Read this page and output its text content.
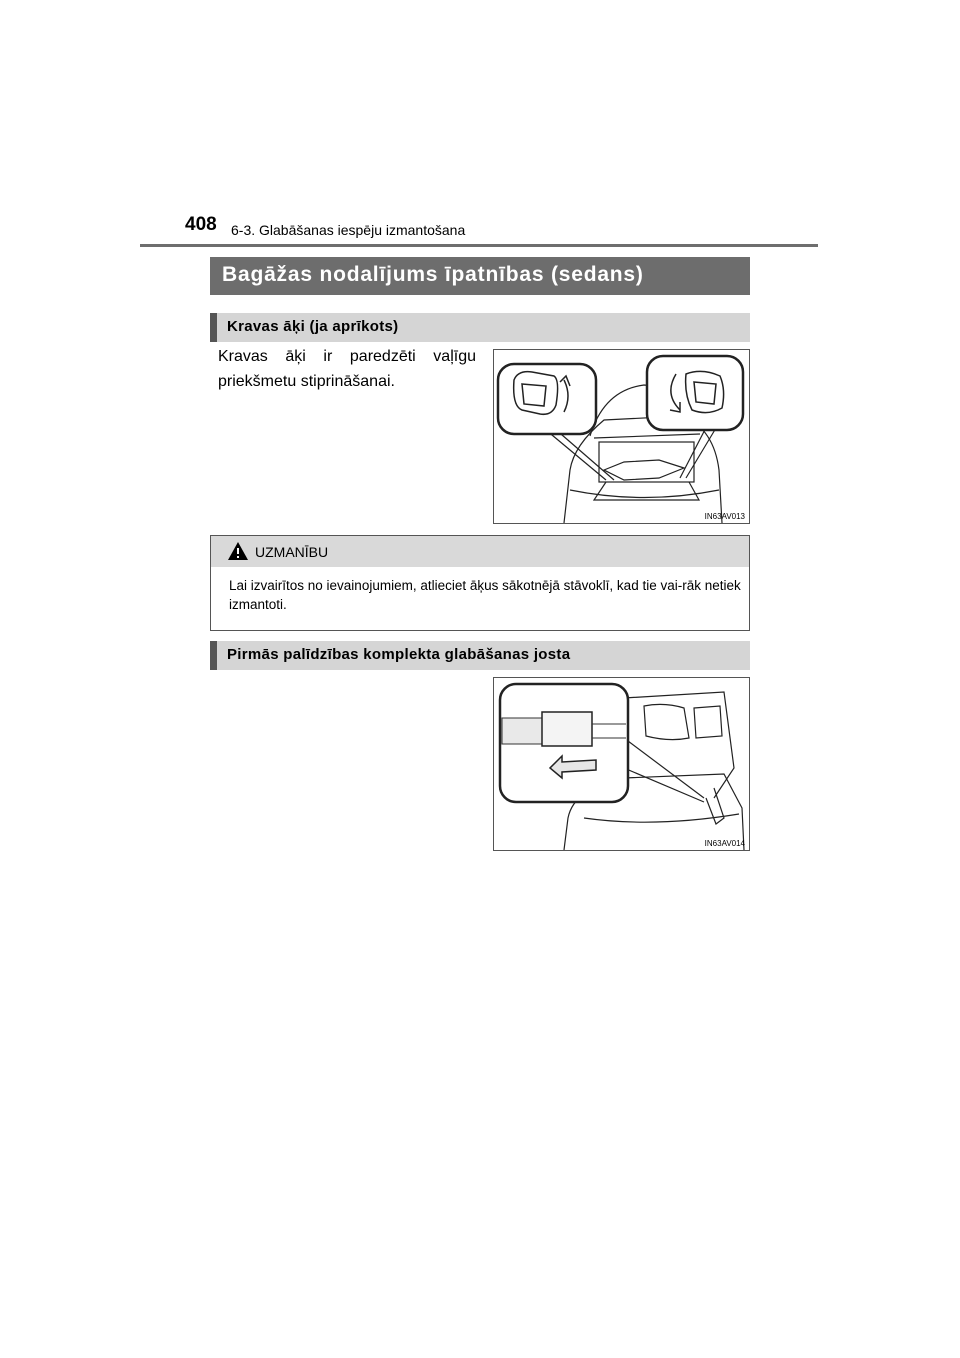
408 6-3. Glabāšanas iespēju izmantošana
Bagāžas nodalījums īpatnības (sedans)
Kravas āķi (ja aprīkots)
Kravas āķi ir paredzēti vaļīgu priekšmetu stiprināšanai.
IN63AV013
UZMANĪBU
Lai izvairītos no ievainojumiem, atlieciet āķus sākotnējā stāvoklī, kad tie vai-rāk netiek izmantoti.
Pirmās palīdzības komplekta glabāšanas josta
IN63AV014
